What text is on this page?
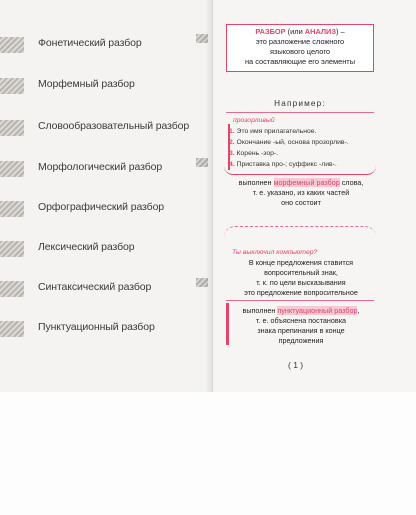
Фонетический разбор
Морфемный разбор
Словообразовательный разбор
Морфологический разбор
Орфографический разбор
Лексический разбор
Синтаксический разбор
Пунктуационный разбор
РАЗБОР (или АНАЛИЗ) –
это разложение сложного
языкового целого
на составляющие его элементы
Например:
прозорливый
1. Это имя прилагательное.
2. Окончание -ый, основа прозорлив-.
3. Корень -зор-.
4. Приставка про-; суффикс -лив-.
выполнен морфемный разбор слова,
т. е. указано, из каких частей
оно состоит
Ты выключил компьютер?
В конце предложения ставится
вопросительный знак,
т. к. по цели высказывания
это предложение вопросительное
выполнен пунктуационный разбор,
т. е. объяснена постановка
знака препинания в конце
предложения
( 1 )
